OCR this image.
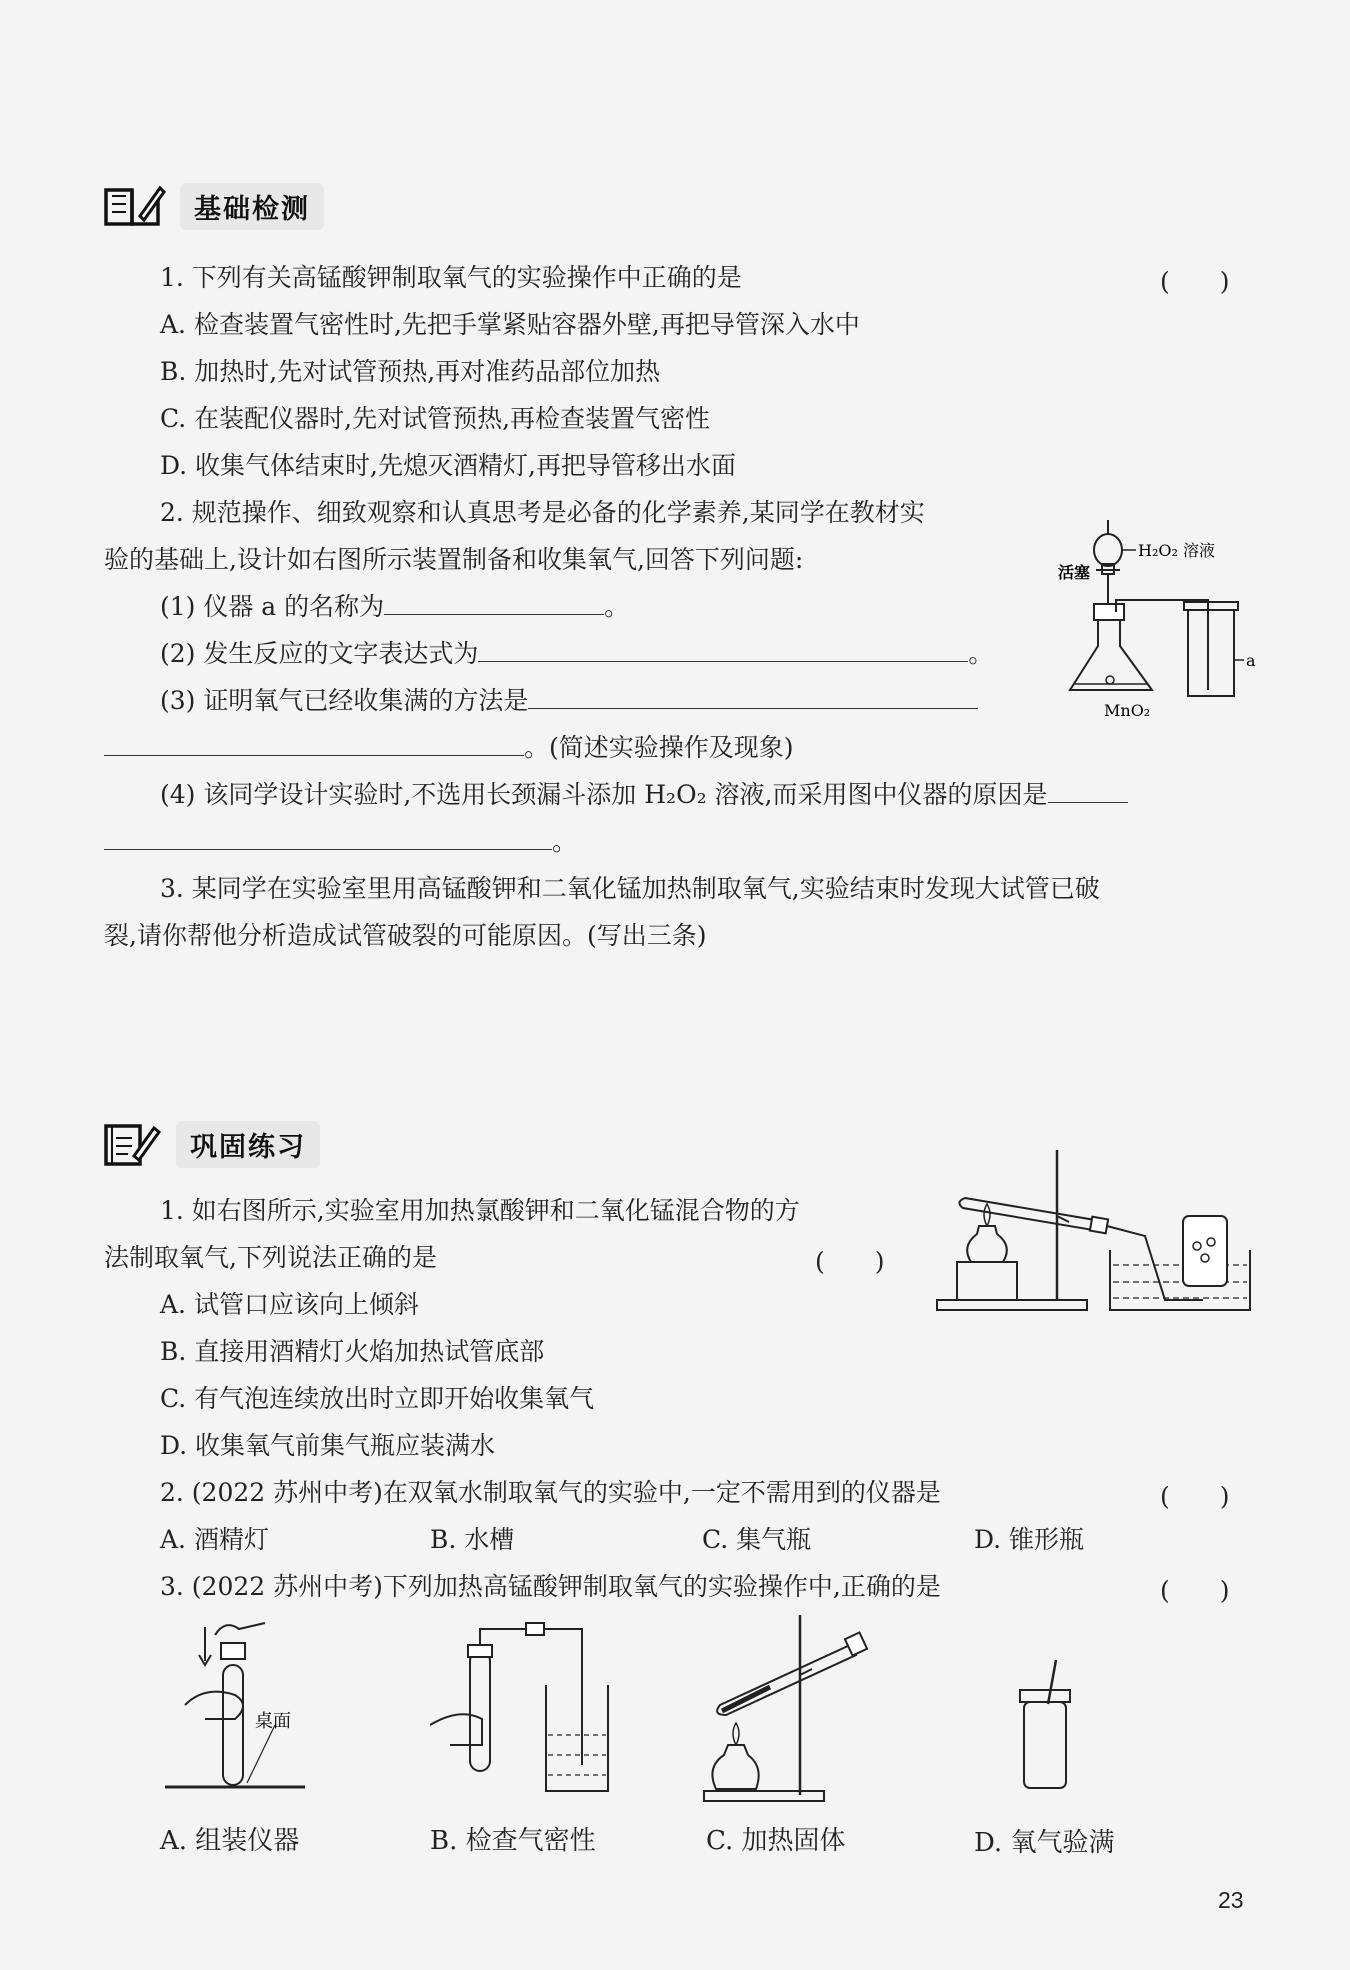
基础检测
1. 下列有关高锰酸钾制取氧气的实验操作中正确的是	(　　)
A. 检查装置气密性时,先把手掌紧贴容器外壁,再把导管深入水中
B. 加热时,先对试管预热,再对准药品部位加热
C. 在装配仪器时,先对试管预热,再检查装置气密性
D. 收集气体结束时,先熄灭酒精灯,再把导管移出水面
2. 规范操作、细致观察和认真思考是必备的化学素养,某同学在教材实
验的基础上,设计如右图所示装置制备和收集氧气,回答下列问题:
(1) 仪器 a 的名称为	。
(2) 发生反应的文字表达式为	。
(3) 证明氧气已经收集满的方法是
。(简述实验操作及现象)
(4) 该同学设计实验时,不选用长颈漏斗添加 H₂O₂ 溶液,而采用图中仪器的原因是
。
H₂O₂ 溶液
活塞
a
MnO₂
3. 某同学在实验室里用高锰酸钾和二氧化锰加热制取氧气,实验结束时发现大试管已破
裂,请你帮他分析造成试管破裂的可能原因。(写出三条)
巩固练习
1. 如右图所示,实验室用加热氯酸钾和二氧化锰混合物的方
法制取氧气,下列说法正确的是	(　　)
A. 试管口应该向上倾斜
B. 直接用酒精灯火焰加热试管底部
C. 有气泡连续放出时立即开始收集氧气
D. 收集氧气前集气瓶应装满水
2. (2022 苏州中考)在双氧水制取氧气的实验中,一定不需用到的仪器是	(　　)
A. 酒精灯	B. 水槽	C. 集气瓶	D. 锥形瓶
3. (2022 苏州中考)下列加热高锰酸钾制取氧气的实验操作中,正确的是	(　　)
桌面
A. 组装仪器	B. 检查气密性	C. 加热固体	D. 氧气验满
23
